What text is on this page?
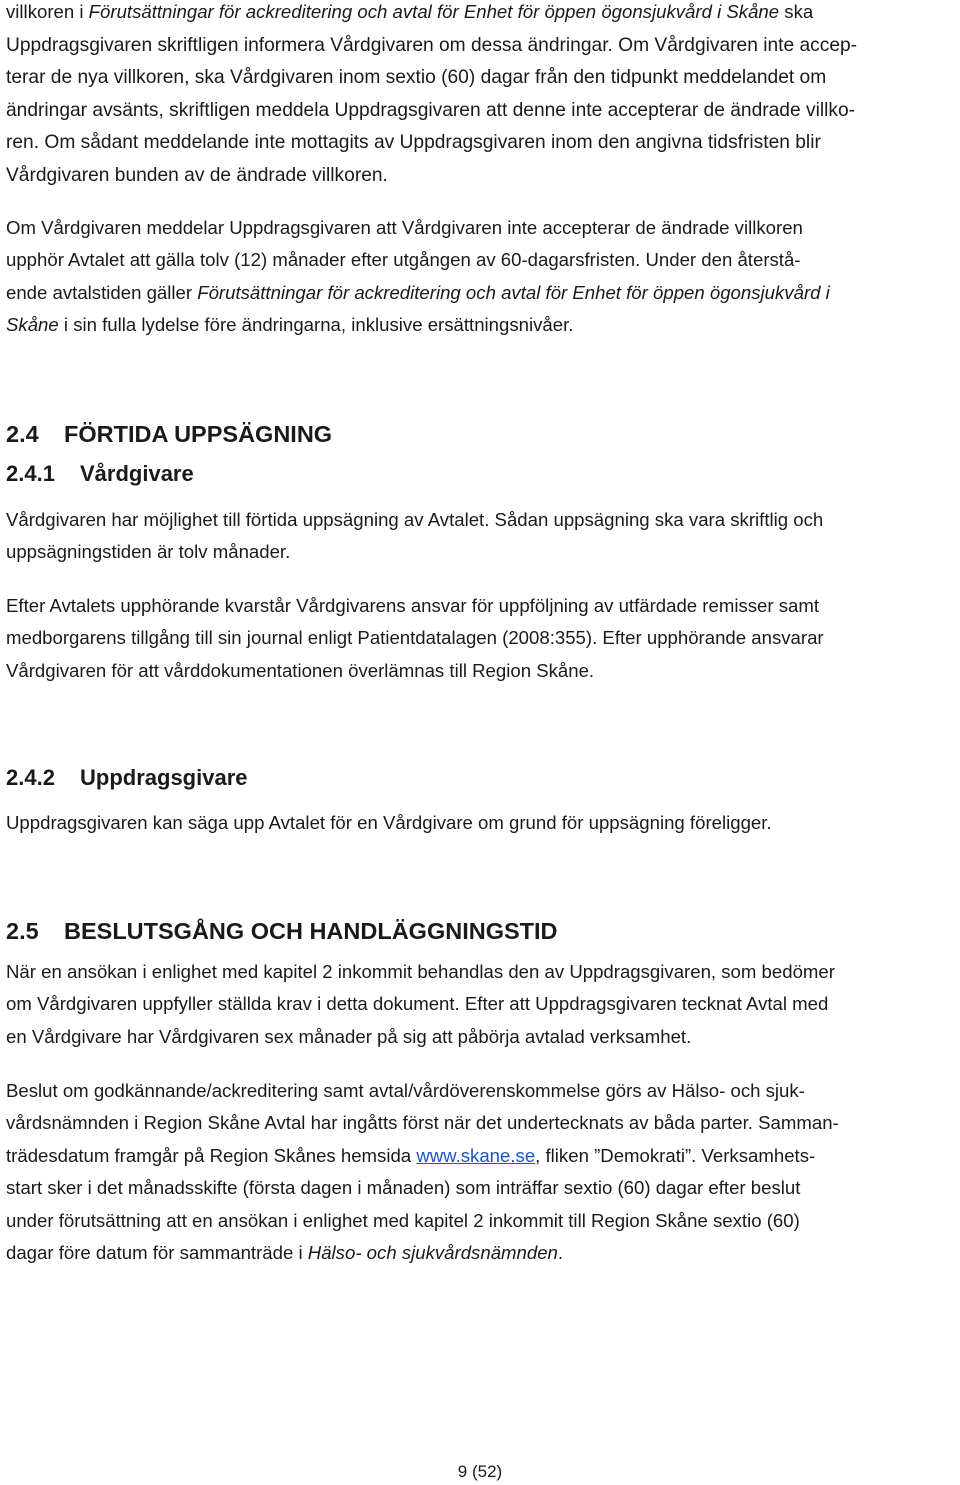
villkoren i Förutsättningar för ackreditering och avtal för Enhet för öppen ögonsjukvård i Skåne ska
Uppdragsgivaren skriftligen informera Vårdgivaren om dessa ändringar. Om Vårdgivaren inte accep-
terar de nya villkoren, ska Vårdgivaren inom sextio (60) dagar från den tidpunkt meddelandet om
ändringar avsänts, skriftligen meddela Uppdragsgivaren att denne inte accepterar de ändrade villko-
ren. Om sådant meddelande inte mottagits av Uppdragsgivaren inom den angivna tidsfristen blir
Vårdgivaren bunden av de ändrade villkoren.
Om Vårdgivaren meddelar Uppdragsgivaren att Vårdgivaren inte accepterar de ändrade villkoren
upphör Avtalet att gälla tolv (12) månader efter utgången av 60-dagarsfristen. Under den återstå-
ende avtalstiden gäller Förutsättningar för ackreditering och avtal för Enhet för öppen ögonsjukvård i
Skåne i sin fulla lydelse före ändringarna, inklusive ersättningsnivåer.
2.4 FÖRTIDA UPPSÄGNING
2.4.1 Vårdgivare
Vårdgivaren har möjlighet till förtida uppsägning av Avtalet. Sådan uppsägning ska vara skriftlig och
uppsägningstiden är tolv månader.
Efter Avtalets upphörande kvarstår Vårdgivarens ansvar för uppföljning av utfärdade remisser samt
medborgarens tillgång till sin journal enligt Patientdatalagen (2008:355). Efter upphörande ansvarar
Vårdgivaren för att vårddokumentationen överlämnas till Region Skåne.
2.4.2 Uppdragsgivare
Uppdragsgivaren kan säga upp Avtalet för en Vårdgivare om grund för uppsägning föreligger.
2.5 BESLUTSGÅNG OCH HANDLÄGGNINGSTID
När en ansökan i enlighet med kapitel 2 inkommit behandlas den av Uppdragsgivaren, som bedömer
om Vårdgivaren uppfyller ställda krav i detta dokument. Efter att Uppdragsgivaren tecknat Avtal med
en Vårdgivare har Vårdgivaren sex månader på sig att påbörja avtalad verksamhet.
Beslut om godkännande/ackreditering samt avtal/vårdöverenskommelse görs av Hälso- och sjuk-
vårdsnämnden i Region Skåne Avtal har ingåtts först när det undertecknats av båda parter. Samman-
trädesdatum framgår på Region Skånes hemsida www.skane.se, fliken ”Demokrati”. Verksamhets-
start sker i det månadsskifte (första dagen i månaden) som inträffar sextio (60) dagar efter beslut
under förutsättning att en ansökan i enlighet med kapitel 2 inkommit till Region Skåne sextio (60)
dagar före datum för sammanträde i Hälso- och sjukvårdsnämnden.
9 (52)
